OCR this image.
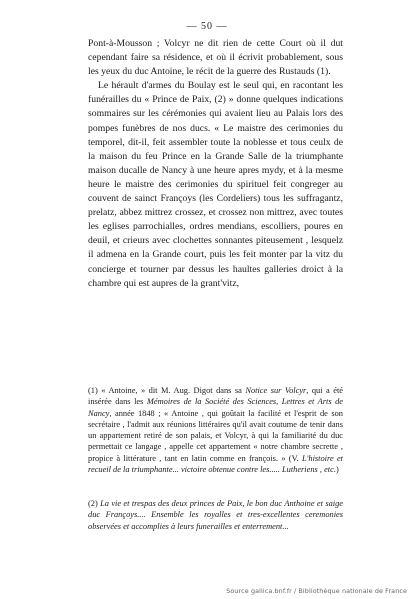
— 50 —

Pont-à-Mousson ; Volcyr ne dit rien de cette Court où il dut cependant faire sa résidence, et où il écrivit probablement, sous les yeux du duc Antoine, le récit de la guerre des Rustauds (1).

Le hérault d'armes du Boulay est le seul qui, en racontant les funérailles du « Prince de Paix, (2) » donne quelques indications sommaires sur les cérémonies qui avaient lieu au Palais lors des pompes funèbres de nos ducs. « Le maistre des cerimonies du temporel, dit-il, feit assembler toute la noblesse et tous ceulx de la maison du feu Prince en la Grande Salle de la triumphante maison ducalle de Nancy à une heure apres mydy, et à la mesme heure le maistre des cerimonies du spirituel feit congreger au couvent de sainct Françoys (les Cordeliers) tous les suffragantz, prelatz, abbez mittrez crossez, et crossez non mittrez, avec toutes les eglises parrochialles, ordres mendians, escolliers, poures en deuil, et crieurs avec clochettes sonnantes piteusement , lesquelz il admena en la Grande court, puis les feit monter par la vitz du concierge et tourner par dessus les haultes galleries droict à la chambre qui est aupres de la grant'vitz,

(1) « Antoine, » dit M. Aug. Digot dans sa Notice sur Volcyr, qui a été insérée dans les Mémoires de la Société des Sciences, Lettres et Arts de Nancy, année 1848 ; « Antoine , qui goûtait la facilité et l'esprit de son secrétaire , l'admit aux réunions littéraires qu'il avait coutume de tenir dans un appartement retiré de son palais, et Volcyr, à qui la familiarité du duc permettait ce langage , appelle cet appartement « notre chambre secrette , propice à littérature , tant en latin comme en françois. » (V. L'histoire et recueil de la triumphante... victoire obtenue contre les..... Lutheriens , etc.)

(2) La vie et trespas des deux princes de Paix, le bon duc Anthoine et saige duc Françoys.... Ensemble les royalles et tres-excellentes ceremonies observées et accomplies à leurs funerailles et enterrement...

Source gallica.bnf.fr / Bibliothèque nationale de France
